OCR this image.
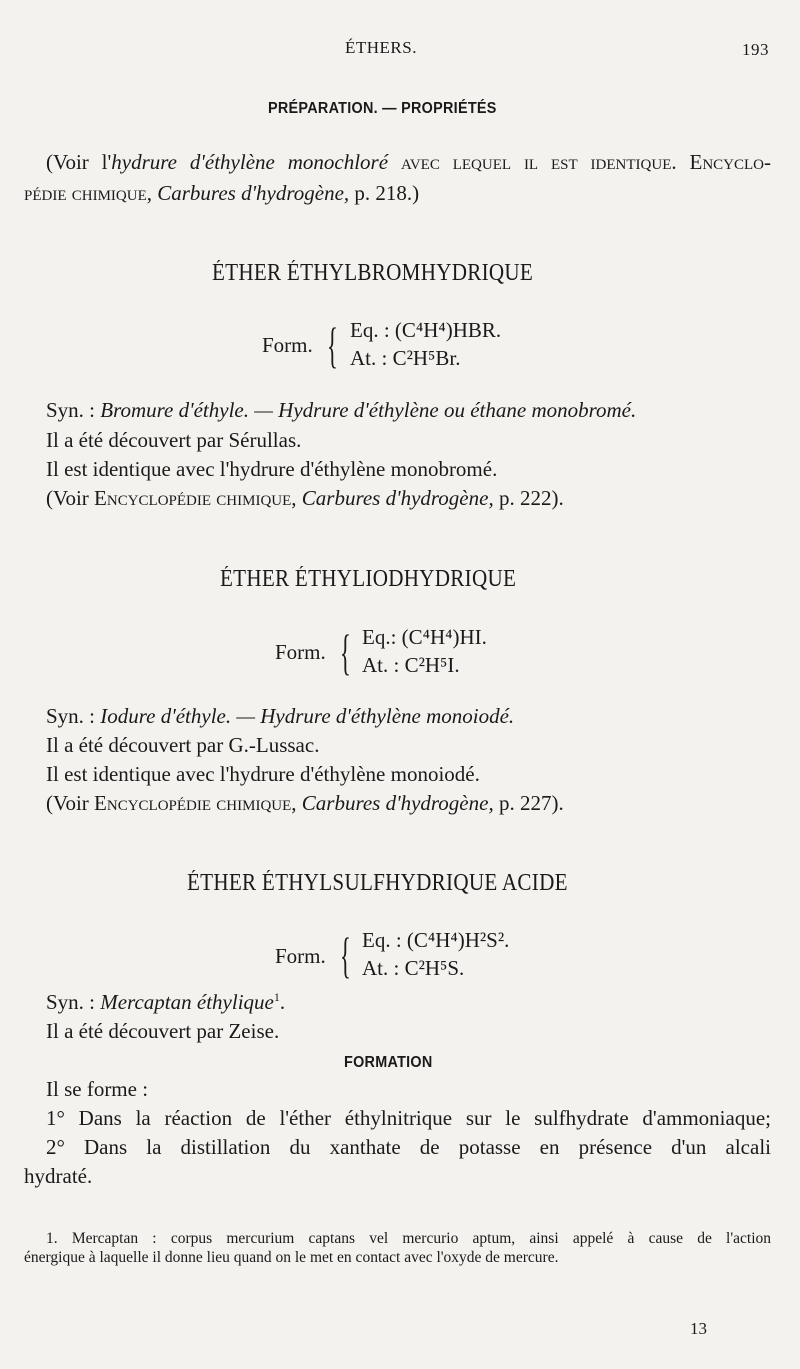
ÉTHERS.	193
PRÉPARATION. — PROPRIÉTÉS
(Voir l'hydrure d'éthylène monochloré avec lequel il est identique. Encyclo-
pédie chimique, Carbures d'hydrogène, p. 218.)
ÉTHER ÉTHYLBROMHYDRIQUE
Form. { Eq. : (C⁴H⁴)HBR.
At. : C²H⁵Br.
Syn. : Bromure d'éthyle. — Hydrure d'éthylène ou éthane monobromé.
Il a été découvert par Sérullas.
Il est identique avec l'hydrure d'éthylène monobromé.
(Voir Encyclopédie chimique, Carbures d'hydrogène, p. 222).
ÉTHER ÉTHYLIODHYDRIQUE
Form. { Eq.: (C⁴H⁴)HI.
At. : C²H⁵I.
Syn. : Iodure d'éthyle. — Hydrure d'éthylène monoiodé.
Il a été découvert par G.-Lussac.
Il est identique avec l'hydrure d'éthylène monoiodé.
(Voir Encyclopédie chimique, Carbures d'hydrogène, p. 227).
ÉTHER ÉTHYLSULFHYDRIQUE ACIDE
Form. { Eq. : (C⁴H⁴)H²S².
At. : C²H⁵S.
Syn. : Mercaptan éthylique$^1$.
Il a été découvert par Zeise.
FORMATION
Il se forme :
1° Dans la réaction de l'éther éthylnitrique sur le sulfhydrate d'ammoniaque;
2° Dans la distillation du xanthate de potasse en présence d'un alcali
hydraté.
1. Mercaptan : corpus mercurium captans vel mercurio aptum, ainsi appelé à cause de l'action
énergique à laquelle il donne lieu quand on le met en contact avec l'oxyde de mercure.
13
